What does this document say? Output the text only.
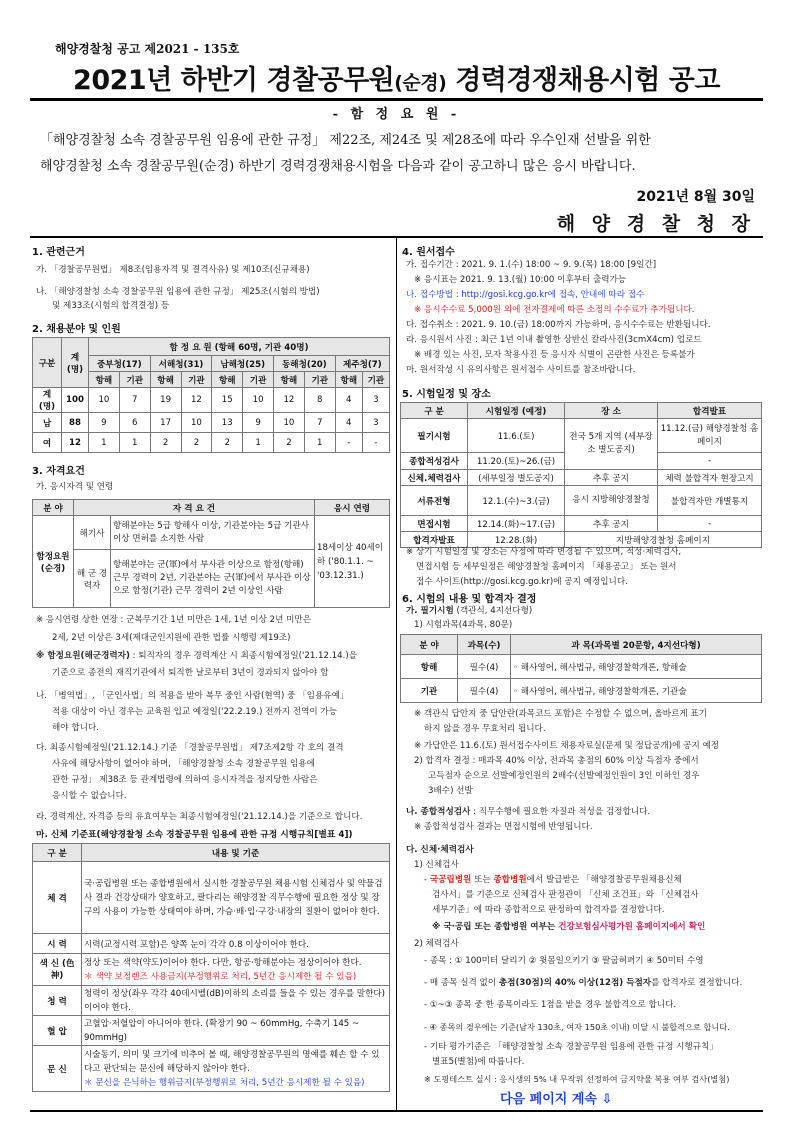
해양경찰청 공고 제2021 - 135호
2021년 하반기 경찰공무원(순경) 경력경쟁채용시험 공고
- 함 정 요 원 -
「해양경찰청 소속 경찰공무원 임용에 관한 규정」 제22조, 제24조 및 제28조에 따라 우수인재 선발을 위한
해양경찰청 소속 경찰공무원(순경) 하반기 경력경쟁채용시험을 다음과 같이 공고하니 많은 응시 바랍니다.
2021년 8월 30일
해 양 경 찰 청 장
1. 관련근거
가. 「경찰공무원법」 제8조(임용자격 및 결격사유) 및 제10조(신규채용)
나. 「해양경찰청 소속 경찰공무원 임용에 관한 규정」 제25조(시험의 방법)
및 제33조(시험의 합격결정) 등
2. 채용분야 및 인원
구분	계(명)	함 정 요 원 (항해 60명, 기관 40명)									
		중부청(17)		서해청(31)		남해청(25)		동해청(20)		제주청(7)	
		항해	기관	항해	기관	항해	기관	항해	기관	항해	기관
계(명)	100	10	7	19	12	15	10	12	8	4	3
남	88	9	6	17	10	13	9	10	7	4	3
여	12	1	1	2	2	2	1	2	1	-	-
3. 자격요건
가. 응시자격 및 연령
분 야	자 격 요 건		응시 연령
함정요원(순경)	해기사	항해분야는 5급 항해사 이상, 기관분야는 5급 기관사 이상 면허를 소지한 사람	18세이상 40세이하 ('80.1.1. ~ '03.12.31.)
	해 군 경력자	항해분야는 군(軍)에서 부사관 이상으로 함정(항해) 근무 경력이 2년, 기관분야는 군(軍)에서 부사관 이상으로 함정(기관) 근무 경력이 2년 이상인 사람	
※ 응시연령 상한 연장 : 군복무기간 1년 미만은 1세, 1년 이상 2년 미만은
2세, 2년 이상은 3세(제대군인지원에 관한 법률 시행령 제19조)
※ 함정요원(해군경력자) : 퇴직자의 경우 경력계산 시 최종시험예정일('21.12.14.)을
기준으로 종전의 재직기관에서 퇴직한 날로부터 3년이 경과되지 않아야 함
나. 「병역법」, 「군인사법」의 적용을 받아 복무 중인 사람(현역) 중 「임용유예」
적용 대상이 아닌 경우는 교육원 입교 예정일('22.2.19.) 전까지 전역이 가능
해야 합니다.
다. 최종시험예정일('21.12.14.) 기준 「경찰공무원법」 제7조제2항 각 호의 결격
사유에 해당사항이 없어야 하며, 「해양경찰청 소속 경찰공무원 임용에
관한 규정」 제38조 등 관계법령에 의하여 응시자격을 정지당한 사람은
응시할 수 없습니다.
라. 경력계산, 자격증 등의 유효여부는 최종시험예정일('21.12.14.)을 기준으로 합니다.
마. 신체 기준표(해양경찰청 소속 경찰공무원 임용에 관한 규정 시행규칙[별표 4])
구 분	내용 및 기준
체 격	국·공립병원 또는 종합병원에서 실시한 경찰공무원 채용시험 신체검사 및 약물검사 결과 건강상태가 양호하고, 팔다리는 해양경찰 직무수행에 필요한 정상 및 장구의 사용이 가능한 상태여야 하며, 가슴·배·입·구강·내장의 질환이 없어야 한다.
시 력	시력(교정시력 포함)은 양쪽 눈이 각각 0.8 이상이어야 한다.
색 신 (色 神)	정상 또는 색약(약도)이어야 한다. 다만, 항공·항해분야는 정상이어야 한다.
＊ 색약 보정렌즈 사용금지(부정행위로 처리, 5년간 응시제한 될 수 있음)

청 력	청력이 정상(좌우 각각 40데시벨(dB)이하의 소리를 들을 수 있는 경우를 말한다)이어야 한다.
혈 압	고혈압·저혈압이 아니어야 한다. (확장기 90 ~ 60mmHg, 수축기 145 ~ 90mmHg)
문 신	시술동기, 의미 및 크기에 비추어 볼 때, 해양경찰공무원의 명예를 훼손 할 수 있다고 판단되는 문신에 해당하지 않아야 한다.
＊ 문신을 은닉하는 행위금지(부정행위로 처리, 5년간 응시제한 될 수 있음)
4. 원서접수
가. 접수기간 : 2021. 9. 1.(수) 18:00 ~ 9. 9.(목) 18:00 [9일간]
※ 응시표는 2021. 9. 13.(월) 10:00 이후부터 출력가능
나. 접수방법 : http://gosi.kcg.go.kr에 접속, 안내에 따라 접수
※ 응시수수료 5,000원 외에 전자결제에 따른 소정의 수수료가 추가됩니다.
다. 접수취소 : 2021. 9. 10.(금) 18:00까지 가능하며, 응시수수료는 반환됩니다.
라. 응시원서 사진 : 최근 1년 이내 촬영한 상반신 칼라사진(3cmX4cm) 업로드
※ 배경 있는 사진, 모자 착용사진 등 응시자 식별이 곤란한 사진은 등록불가
마. 원서작성 시 유의사항은 원서접수 사이트를 참조바랍니다.
5. 시험일정 및 장소
구 분	시험일정 (예정)	장 소	합격발표
필기시험	11.6.(토)	전국 5개 지역 (세부장소 별도공지)	11.12.(금) 해양경찰청 홈페이지
종합적성검사	11.20.(토)~26.(금)		-
신체.체력검사	(세부일정 별도공지)	추후 공지	체력 불합격자 현장고지
서류전형	12.1.(수)~3.(금)	응시 지방해양경찰청	불합격자만 개별통지
면접시험	12.14.(화)~17.(금)	추후 공지	-
합격자발표	12.28.(화)	지방해양경찰청 홈페이지	
※ 상기 시험일정 및 장소는 사정에 따라 변경될 수 있으며, 적성·체력검사,
면접시험 등 세부일정은 해양경찰청 홈페이지 「채용공고」 또는 원서
접수 사이트(http://gosi.kcg.go.kr)에 공지 예정입니다.
6. 시험의 내용 및 합격자 결정
가. 필기시험 (객관식, 4지선다형)
1) 시험과목(4과목, 80문)
분 야	과목(수)	과 목(과목별 20문항, 4지선다형)
항해	필수(4)	◦ 해사영어, 해사법규, 해양경찰학개론, 항해술
기관	필수(4)	◦ 해사영어, 해사법규, 해양경찰학개론, 기관술
※ 객관식 답안지 중 답안란(과목코드 포함)은 수정할 수 없으며, 올바르게 표기
하지 않을 경우 무효처리 됩니다.
※ 가답안은 11.6.(토) 원서접수사이트 채용자료실(문제 및 정답공개)에 공지 예정
2) 합격자 결정 : 매과목 40% 이상, 전과목 총점의 60% 이상 득점자 중에서
고득점자 순으로 선발예정인원의 2배수(선발예정인원이 3인 이하인 경우
3배수) 선발
나. 종합적성검사 : 직무수행에 필요한 자질과 적성을 검정합니다.
※ 종합적성검사 결과는 면접시험에 반영됩니다.
다. 신체·체력검사
1) 신체검사
- 국공립병원 또는 종합병원에서 발급받은 「해양경찰공무원채용신체
검사서」를 기준으로 신체검사 판정관이 「신체 조건표」와 「신체검사
세부기준」에 따라 종합적으로 판정하여 합격자를 결정합니다.
※ 국·공립 또는 종합병원 여부는 건강보험심사평가원 홈페이지에서 확인
2) 체력검사
- 종목 : ① 100미터 달리기 ② 윗몸일으키기 ③ 팔굽혀펴기 ④ 50미터 수영
- 매 종목 실격 없이 총점(30점)의 40% 이상(12점) 득점자를 합격자로 결정합니다.
- ①~③ 종목 중 한 종목이라도 1점을 받을 경우 불합격으로 합니다.
- ④ 종목의 경우에는 기준(남자 130초, 여자 150초 이내) 미달 시 불합격으로 합니다.
- 기타 평가기준은 「해양경찰청 소속 경찰공무원 임용에 관한 규정 시행규칙」
별표5(별첨)에 따릅니다.
※ 도핑테스트 실시 : 응시생의 5% 내 무작위 선정하여 금지약물 복용 여부 검사(별첨)
다음 페이지 계속 ⇩
